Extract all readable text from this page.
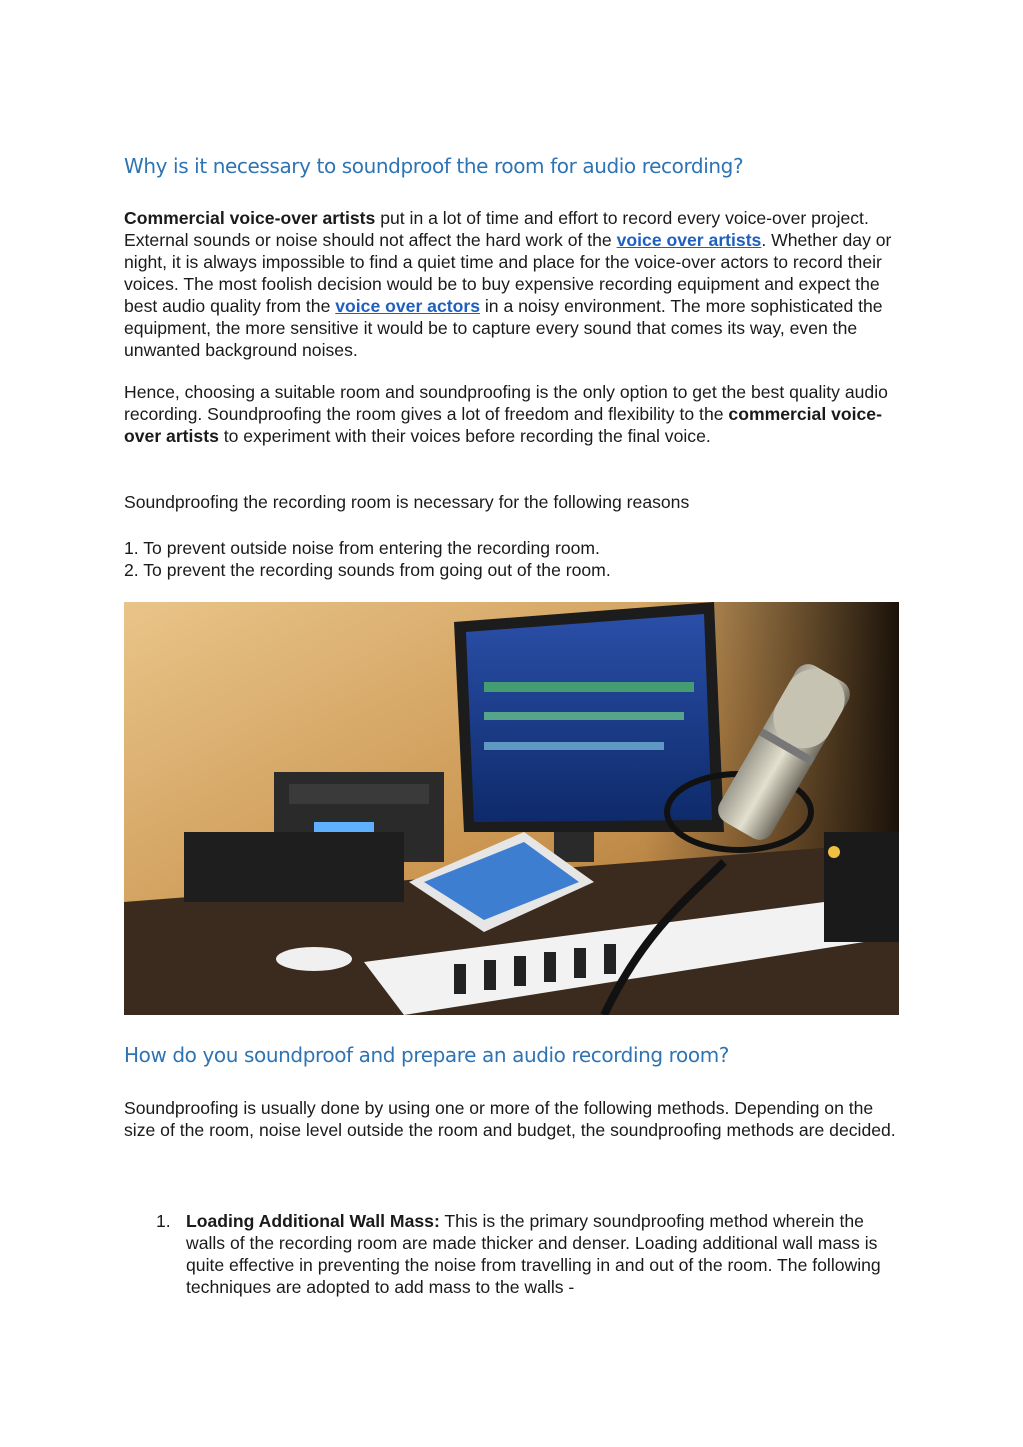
Why is it necessary to soundproof the room for audio recording?

Commercial voice-over artists put in a lot of time and effort to record every voice-over project. External sounds or noise should not affect the hard work of the voice over artists. Whether day or night, it is always impossible to find a quiet time and place for the voice-over actors to record their voices. The most foolish decision would be to buy expensive recording equipment and expect the best audio quality from the voice over actors in a noisy environment. The more sophisticated the equipment, the more sensitive it would be to capture every sound that comes its way, even the unwanted background noises.

Hence, choosing a suitable room and soundproofing is the only option to get the best quality audio recording. Soundproofing the room gives a lot of freedom and flexibility to the commercial voice-over artists to experiment with their voices before recording the final voice.

Soundproofing the recording room is necessary for the following reasons

1. To prevent outside noise from entering the recording room.

2. To prevent the recording sounds from going out of the room.

How do you soundproof and prepare an audio recording room?

Soundproofing is usually done by using one or more of the following methods. Depending on the size of the room, noise level outside the room and budget, the soundproofing methods are decided.

1. Loading Additional Wall Mass: This is the primary soundproofing method wherein the walls of the recording room are made thicker and denser. Loading additional wall mass is quite effective in preventing the noise from travelling in and out of the room. The following techniques are adopted to add mass to the walls -
